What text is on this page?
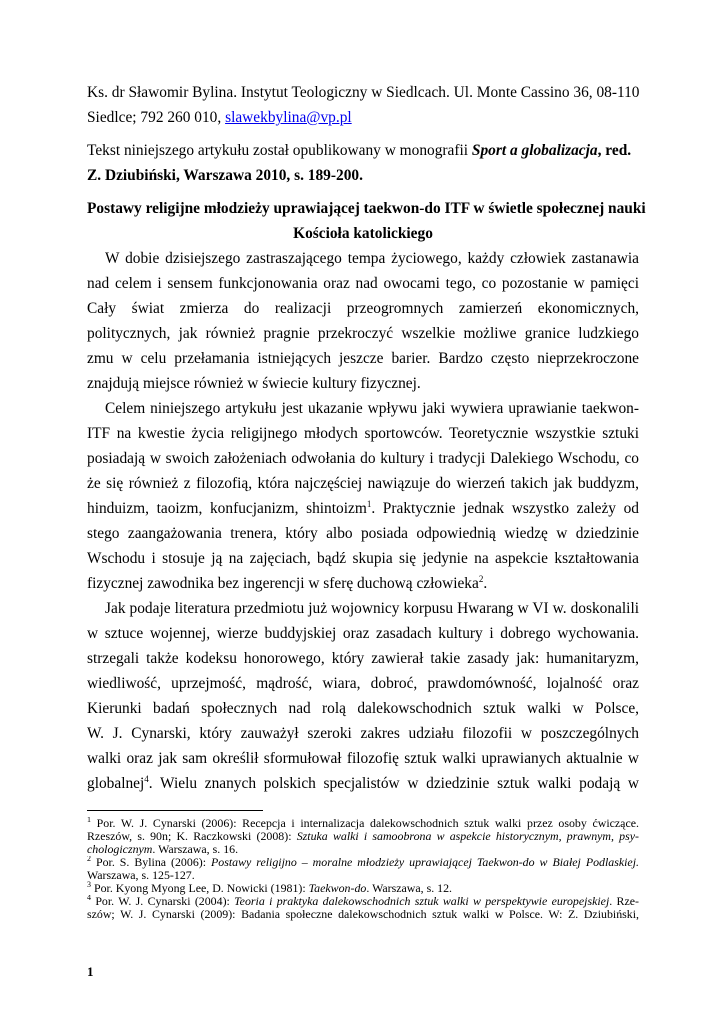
Ks. dr Sławomir Bylina. Instytut Teologiczny w Siedlcach. Ul. Monte Cassino 36, 08-110
Siedlce; 792 260 010, slawekbylina@vp.pl
Tekst niniejszego artykułu został opublikowany w monografii Sport a globalizacja, red.
Z. Dziubiński, Warszawa 2010, s. 189-200.
Postawy religijne młodzieży uprawiającej taekwon-do ITF w świetle społecznej nauki
Kościoła katolickiego
W dobie dzisiejszego zastraszającego tempa życiowego, każdy człowiek zastanawia
nad celem i sensem funkcjonowania oraz nad owocami tego, co pozostanie w pamięci
Cały świat zmierza do realizacji przeogromnych zamierzeń ekonomicznych,
politycznych, jak również pragnie przekroczyć wszelkie możliwe granice ludzkiego
zmu w celu przełamania istniejących jeszcze barier. Bardzo często nieprzekroczone
znajdują miejsce również w świecie kultury fizycznej.
Celem niniejszego artykułu jest ukazanie wpływu jaki wywiera uprawianie taekwon-
ITF na kwestie życia religijnego młodych sportowców. Teoretycznie wszystkie sztuki
posiadają w swoich założeniach odwołania do kultury i tradycji Dalekiego Wschodu, co
że się również z filozofią, która najczęściej nawiązuje do wierzeń takich jak buddyzm,
hinduizm, taoizm, konfucjanizm, shintoizm$^1$. Praktycznie jednak wszystko zależy od
stego zaangażowania trenera, który albo posiada odpowiednią wiedzę w dziedzinie
Wschodu i stosuje ją na zajęciach, bądź skupia się jedynie na aspekcie kształtowania
fizycznej zawodnika bez ingerencji w sferę duchową człowieka$^2$.
Jak podaje literatura przedmiotu już wojownicy korpusu Hwarang w VI w. doskonalili
w sztuce wojennej, wierze buddyjskiej oraz zasadach kultury i dobrego wychowania.
strzegali także kodeksu honorowego, który zawierał takie zasady jak: humanitaryzm,
wiedliwość, uprzejmość, mądrość, wiara, dobroć, prawdomówność, lojalność oraz
Kierunki badań społecznych nad rolą dalekowschodnich sztuk walki w Polsce,
W. J. Cynarski, który zauważył szeroki zakres udziału filozofii w poszczególnych
walki oraz jak sam określił sformułował filozofię sztuk walki uprawianych aktualnie w
globalnej$^4$. Wielu znanych polskich specjalistów w dziedzinie sztuk walki podają w
$^1$ Por. W. J. Cynarski (2006): Recepcja i internalizacja dalekowschodnich sztuk walki przez osoby ćwiczące.
Rzeszów, s. 90n; K. Raczkowski (2008): Sztuka walki i samoobrona w aspekcie historycznym, prawnym, psy-
chologicznym. Warszawa, s. 16.
$^2$ Por. S. Bylina (2006): Postawy religijno – moralne młodzieży uprawiającej Taekwon-do w Białej Podlaskiej.
Warszawa, s. 125-127.
$^3$ Por. Kyong Myong Lee, D. Nowicki (1981): Taekwon-do. Warszawa, s. 12.
$^4$ Por. W. J. Cynarski (2004): Teoria i praktyka dalekowschodnich sztuk walki w perspektywie europejskiej. Rze-
szów; W. J. Cynarski (2009): Badania społeczne dalekowschodnich sztuk walki w Polsce. W: Z. Dziubiński,
1
